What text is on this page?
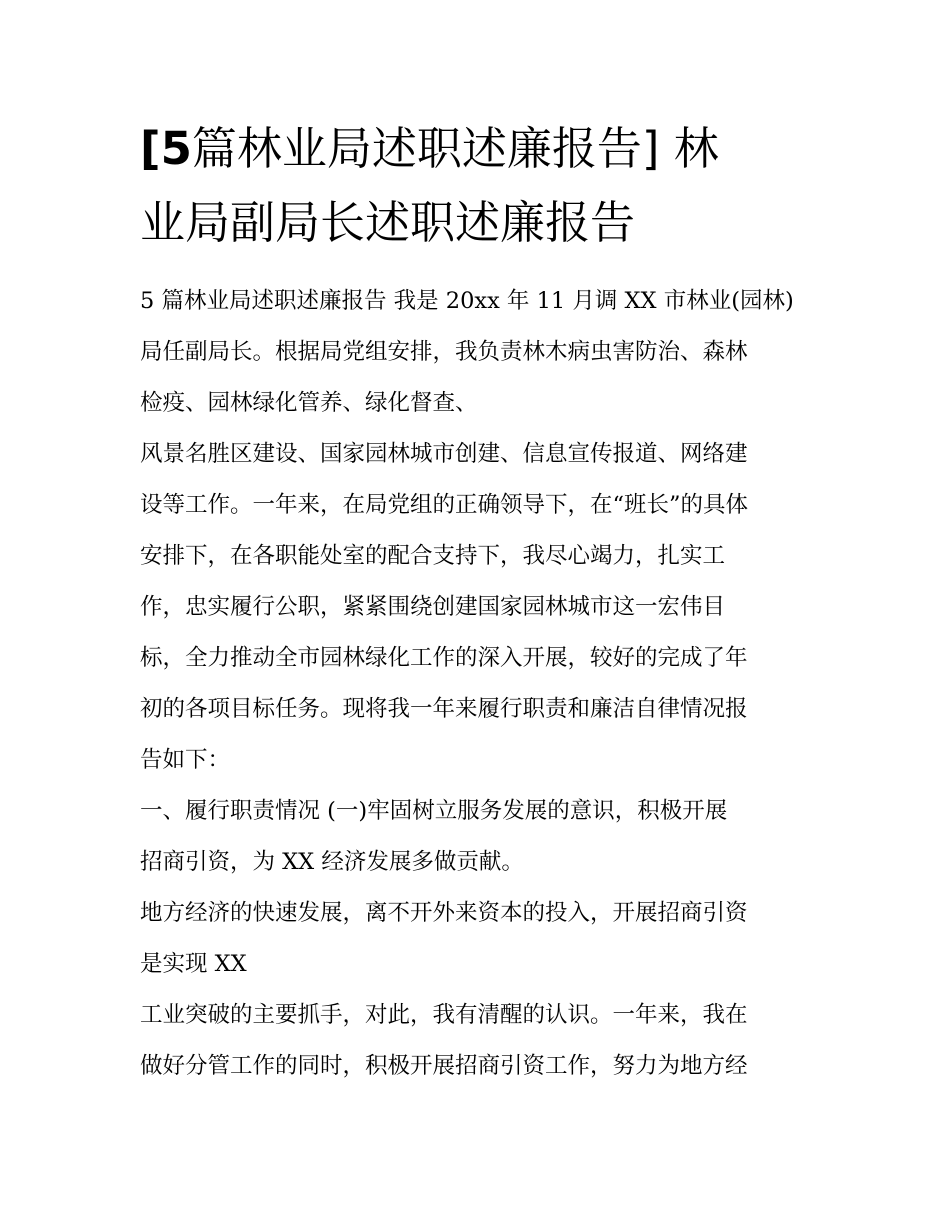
[5篇林业局述职述廉报告] 林
业局副局长述职述廉报告
5 篇林业局述职述廉报告 我是 20xx 年 11 月调 XX 市林业(园林)
局任副局长。根据局党组安排，我负责林木病虫害防治、森林
检疫、园林绿化管养、绿化督查、
风景名胜区建设、国家园林城市创建、信息宣传报道、网络建
设等工作。一年来，在局党组的正确领导下，在“班长”的具体
安排下，在各职能处室的配合支持下，我尽心竭力，扎实工
作，忠实履行公职，紧紧围绕创建国家园林城市这一宏伟目
标，全力推动全市园林绿化工作的深入开展，较好的完成了年
初的各项目标任务。现将我一年来履行职责和廉洁自律情况报
告如下：
一、履行职责情况 (一)牢固树立服务发展的意识，积极开展
招商引资，为 XX 经济发展多做贡献。
地方经济的快速发展，离不开外来资本的投入，开展招商引资
是实现 XX
工业突破的主要抓手，对此，我有清醒的认识。一年来，我在
做好分管工作的同时，积极开展招商引资工作，努力为地方经
